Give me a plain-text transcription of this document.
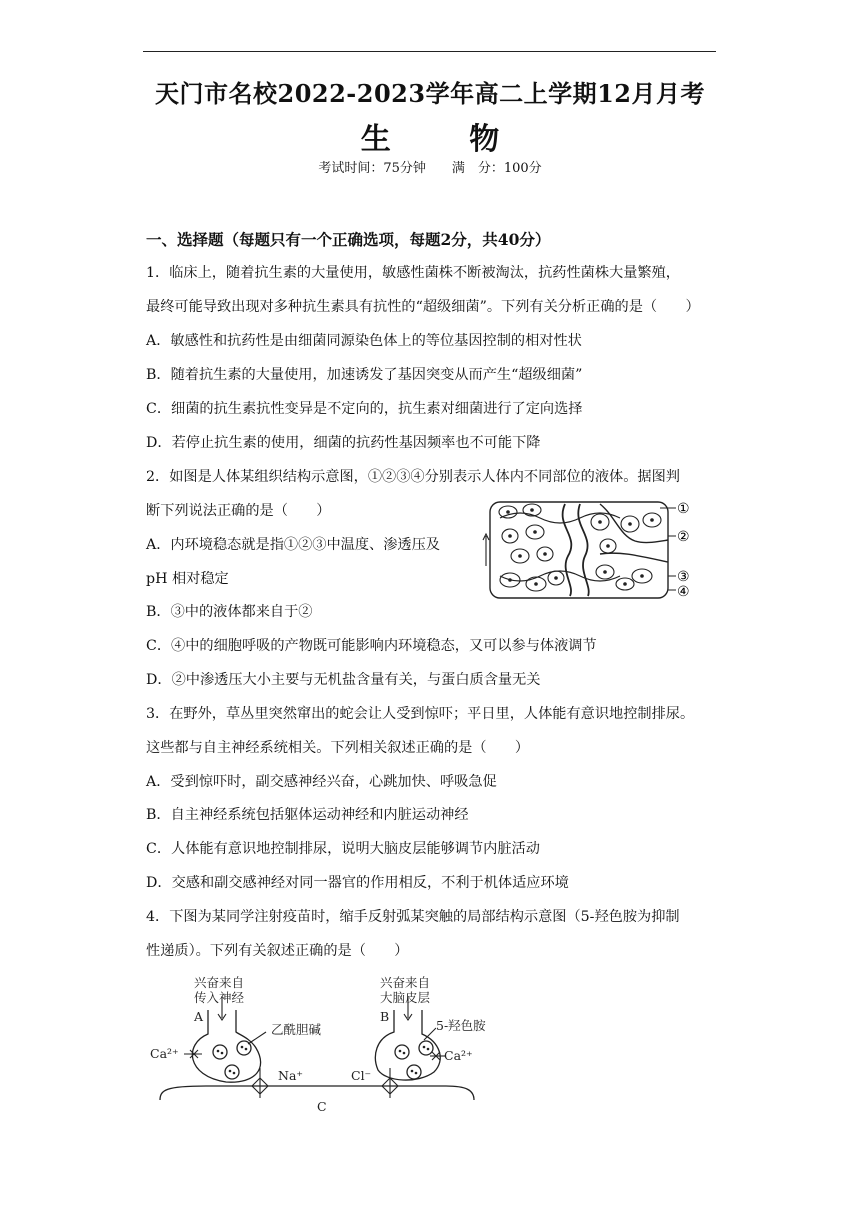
天门市名校2022-2023学年高二上学期12月月考
生 物
考试时间：75分钟　　满　分：100分
一、选择题（每题只有一个正确选项，每题2分，共40分）
1．临床上，随着抗生素的大量使用，敏感性菌株不断被淘汰，抗药性菌株大量繁殖，
最终可能导致出现对多种抗生素具有抗性的“超级细菌”。下列有关分析正确的是（　　）
A．敏感性和抗药性是由细菌同源染色体上的等位基因控制的相对性状
B．随着抗生素的大量使用，加速诱发了基因突变从而产生“超级细菌”
C．细菌的抗生素抗性变异是不定向的，抗生素对细菌进行了定向选择
D．若停止抗生素的使用，细菌的抗药性基因频率也不可能下降
2．如图是人体某组织结构示意图，①②③④分别表示人体内不同部位的液体。据图判
断下列说法正确的是（　　）
A．内环境稳态就是指①②③中温度、渗透压及
pH 相对稳定
B．③中的液体都来自于②
C．④中的细胞呼吸的产物既可能影响内环境稳态，又可以参与体液调节
D．②中渗透压大小主要与无机盐含量有关，与蛋白质含量无关
①
②
③
④
3．在野外，草丛里突然窜出的蛇会让人受到惊吓；平日里，人体能有意识地控制排尿。
这些都与自主神经系统相关。下列相关叙述正确的是（　　）
A．受到惊吓时，副交感神经兴奋，心跳加快、呼吸急促
B．自主神经系统包括躯体运动神经和内脏运动神经
C．人体能有意识地控制排尿，说明大脑皮层能够调节内脏活动
D．交感和副交感神经对同一器官的作用相反，不利于机体适应环境
4．下图为某同学注射疫苗时，缩手反射弧某突触的局部结构示意图（5-羟色胺为抑制
性递质）。下列有关叙述正确的是（　　）
兴奋来自
传入神经
A
乙酰胆碱
Ca²⁺
Na⁺
兴奋来自
大脑皮层
B
5-羟色胺
Ca²⁺
Cl⁻
C
